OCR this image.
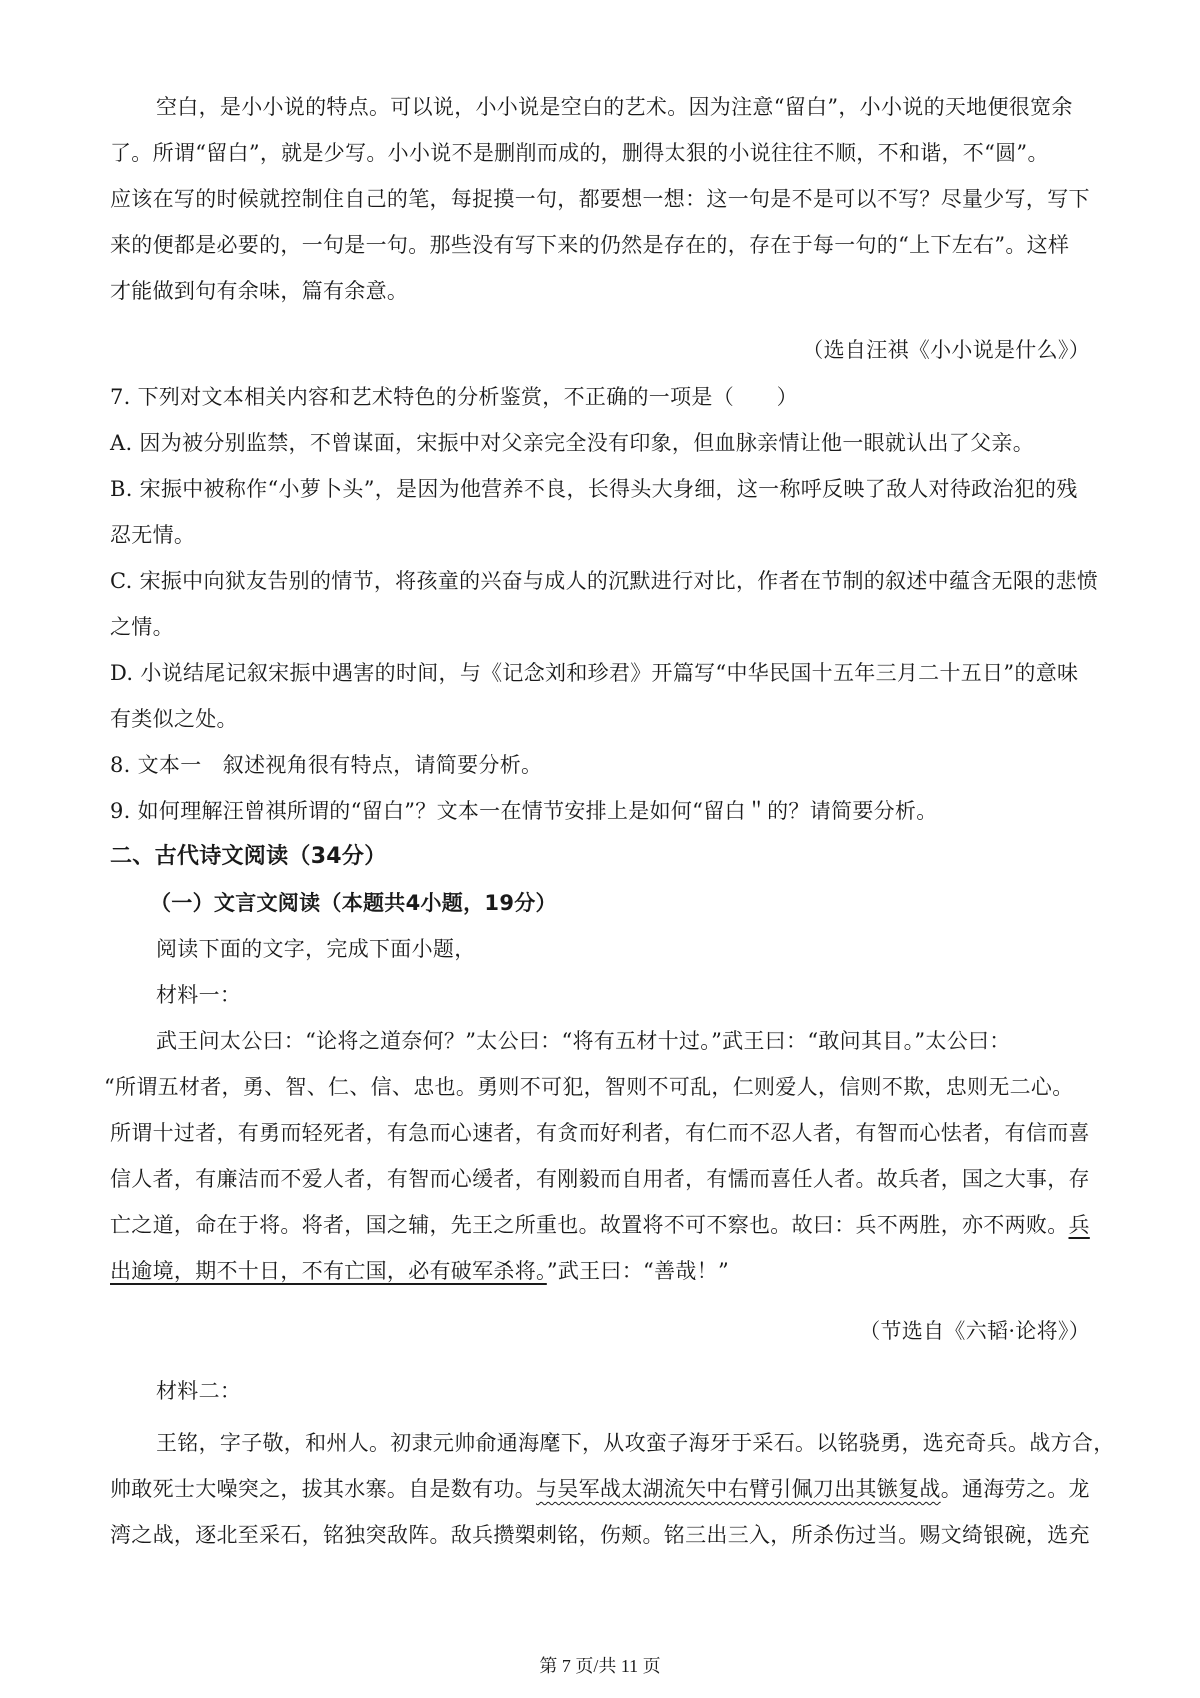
空白，是小小说的特点。可以说，小小说是空白的艺术。因为注意“留白”，小小说的天地便很宽余
了。所谓“留白”，就是少写。小小说不是删削而成的，删得太狠的小说往往不顺，不和谐，不“圆”。
应该在写的时候就控制住自己的笔，每捉摸一句，都要想一想：这一句是不是可以不写？尽量少写，写下
来的便都是必要的，一句是一句。那些没有写下来的仍然是存在的，存在于每一句的“上下左右”。这样
才能做到句有余味，篇有余意。
（选自汪祺《小小说是什么》）
7. 下列对文本相关内容和艺术特色的分析鉴赏，不正确的一项是（　　）
A. 因为被分别监禁，不曾谋面，宋振中对父亲完全没有印象，但血脉亲情让他一眼就认出了父亲。
B. 宋振中被称作“小萝卜头”，是因为他营养不良，长得头大身细，这一称呼反映了敌人对待政治犯的残
忍无情。
C. 宋振中向狱友告别的情节，将孩童的兴奋与成人的沉默进行对比，作者在节制的叙述中蕴含无限的悲愤
之情。
D. 小说结尾记叙宋振中遇害的时间，与《记念刘和珍君》开篇写“中华民国十五年三月二十五日”的意味
有类似之处。
8. 文本一　叙述视角很有特点，请简要分析。
9. 如何理解汪曾祺所谓的“留白”？文本一在情节安排上是如何“留白＂的？请简要分析。
二、古代诗文阅读（34分）
（一）文言文阅读（本题共4小题，19分）
阅读下面的文字，完成下面小题，
材料一：
武王问太公曰：“论将之道奈何？”太公曰：“将有五材十过。”武王曰：“敢问其目。”太公曰：
“所谓五材者，勇、智、仁、信、忠也。勇则不可犯，智则不可乱，仁则爱人，信则不欺，忠则无二心。
所谓十过者，有勇而轻死者，有急而心速者，有贪而好利者，有仁而不忍人者，有智而心怯者，有信而喜
信人者，有廉洁而不爱人者，有智而心缓者，有刚毅而自用者，有懦而喜任人者。故兵者，国之大事，存
亡之道，命在于将。将者，国之辅，先王之所重也。故置将不可不察也。故曰：兵不两胜，亦不两败。兵
出逾境，期不十日，不有亡国，必有破军杀将。”武王曰：“善哉！”
（节选自《六韬·论将》）
材料二：
王铭，字子敬，和州人。初隶元帅俞通海麾下，从攻蛮子海牙于采石。以铭骁勇，选充奇兵。战方合，
帅敢死士大噪突之，拔其水寨。自是数有功。与吴军战太湖流矢中右臂引佩刀出其镞复战。通海劳之。龙
湾之战，逐北至采石，铭独突敌阵。敌兵攒槊刺铭，伤颊。铭三出三入，所杀伤过当。赐文绮银碗，选充
第 7 页/共 11 页
